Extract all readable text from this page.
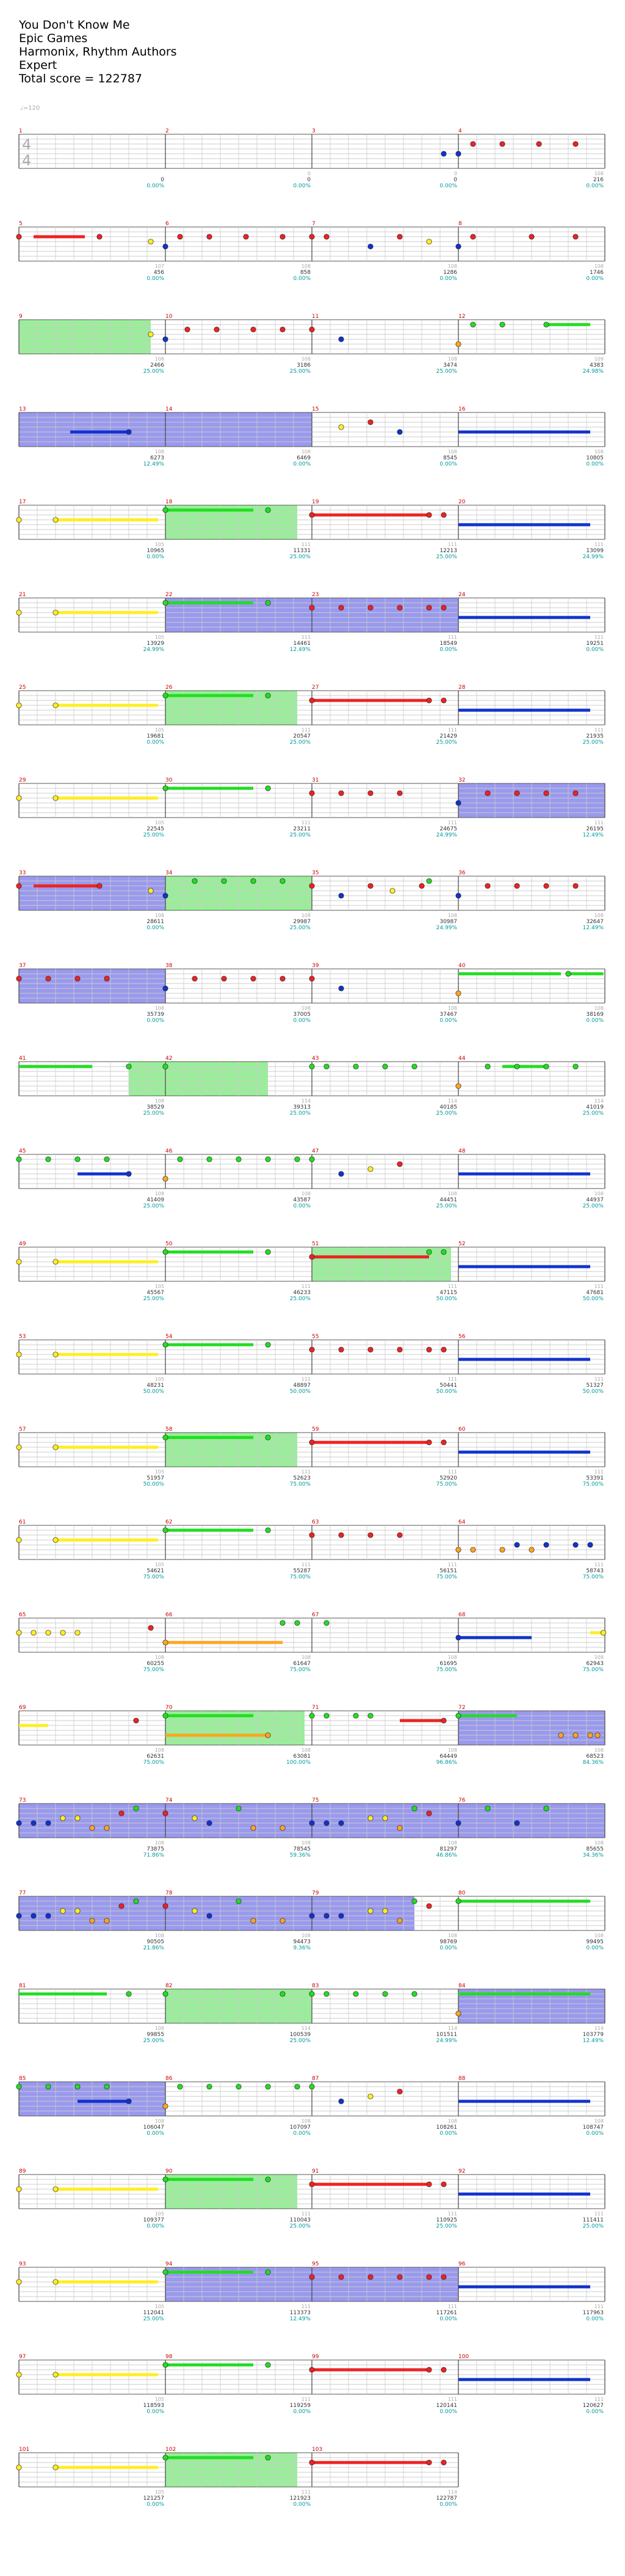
You Don't Know Me
Epic Games
Harmonix, Rhythm Authors
Expert
Total score = 122787
♩=120
4
4
1
0
0.00%
2
0
0
0.00%
3
0
0
0.00%
4
108
216
0.00%
5
107
456
0.00%
6
108
858
0.00%
7
108
1286
0.00%
8
108
1746
0.00%
9
108
2466
25.00%
10
108
3186
25.00%
11
108
3474
25.00%
12
109
4383
24.98%
13
108
6273
12.49%
14
108
6469
0.00%
15
108
8545
0.00%
16
108
10805
0.00%
17
105
10965
0.00%
18
111
11331
25.00%
19
111
12213
25.00%
20
111
13099
24.99%
21
105
13929
24.99%
22
111
14461
12.49%
23
111
18549
0.00%
24
111
19251
0.00%
25
105
19681
0.00%
26
111
20547
25.00%
27
111
21429
25.00%
28
111
21935
25.00%
29
105
22545
25.00%
30
111
23211
25.00%
31
111
24675
24.99%
32
111
26195
12.49%
33
108
28611
0.00%
34
108
29987
25.00%
35
108
30987
24.99%
36
108
32647
12.49%
37
108
35739
0.00%
38
108
37005
0.00%
39
108
37467
0.00%
40
108
38169
0.00%
41
108
38529
25.00%
42
114
39313
25.00%
43
114
40185
25.00%
44
114
41019
25.00%
45
108
41409
25.00%
46
108
43587
0.00%
47
108
44451
25.00%
48
108
44937
25.00%
49
105
45567
25.00%
50
111
46233
25.00%
51
111
47115
50.00%
52
111
47681
50.00%
53
105
48231
50.00%
54
111
48897
50.00%
55
111
50441
50.00%
56
111
51327
50.00%
57
105
51957
50.00%
58
111
52623
75.00%
59
111
52920
75.00%
60
111
53391
75.00%
61
105
54621
75.00%
62
111
55287
75.00%
63
111
56151
75.00%
64
111
58743
75.00%
65
108
60255
75.00%
66
108
61647
75.00%
67
108
61695
75.00%
68
108
62943
75.00%
69
108
62631
75.00%
70
108
63081
100.00%
71
108
64449
96.86%
72
108
68523
84.36%
73
108
73875
71.86%
74
108
78545
59.36%
75
108
81297
46.86%
76
108
85655
34.36%
77
108
90505
21.86%
78
108
94473
9.36%
79
108
98769
0.00%
80
108
99495
0.00%
81
108
99855
25.00%
82
114
100539
25.00%
83
114
101511
24.99%
84
114
103779
12.49%
85
108
106047
0.00%
86
108
107097
0.00%
87
108
108261
0.00%
88
108
108747
0.00%
89
105
109377
0.00%
90
111
110043
25.00%
91
111
110925
25.00%
92
111
111411
25.00%
93
105
112041
25.00%
94
111
113373
12.49%
95
111
117261
0.00%
96
111
117963
0.00%
97
105
118593
0.00%
98
111
119259
0.00%
99
111
120141
0.00%
100
111
120627
0.00%
101
105
121257
0.00%
102
111
121923
0.00%
103
114
122787
0.00%
